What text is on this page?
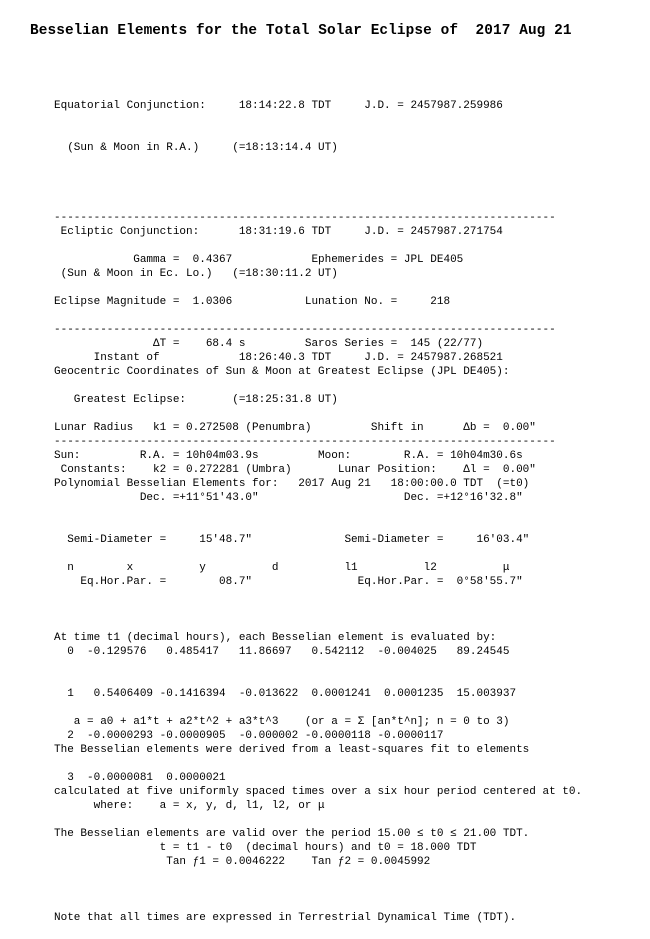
Besselian Elements for the Total Solar Eclipse of  2017 Aug 21

Equatorial Conjunction:     18:14:22.8 TDT     J.D. = 2457987.259986

(Sun & Moon in R.A.)     (=18:13:14.4 UT)

Ecliptic Conjunction:      18:31:19.6 TDT     J.D. = 2457987.271754

(Sun & Moon in Ec. Lo.)   (=18:30:11.2 UT)

Instant of            18:26:40.3 TDT     J.D. = 2457987.268521

Greatest Eclipse:       (=18:25:31.8 UT)

----------------------------------------------------------------------------

Gamma =  0.4367            Ephemerides = JPL DE405

Eclipse Magnitude =  1.0306           Lunation No. =     218

ΔT =    68.4 s         Saros Series =  145 (22/77)

Lunar Radius   k1 = 0.272508 (Penumbra)         Shift in      Δb =  0.00"

Constants:    k2 = 0.272281 (Umbra)       Lunar Position:    Δl =  0.00"

----------------------------------------------------------------------------

Geocentric Coordinates of Sun & Moon at Greatest Eclipse (JPL DE405):

Sun:         R.A. = 10h04m03.9s         Moon:        R.A. = 10h04m30.6s

Dec. =+11°51'43.0"                      Dec. =+12°16'32.8"

Semi-Diameter =     15'48.7"              Semi-Diameter =     16'03.4"

Eq.Hor.Par. =        08.7"                Eq.Hor.Par. =  0°58'55.7"

----------------------------------------------------------------------------

Polynomial Besselian Elements for:   2017 Aug 21   18:00:00.0 TDT  (=t0)

n        x          y          d          l1          l2          μ

0  -0.129576   0.485417   11.86697   0.542112  -0.004025   89.24545

1   0.5406409 -0.1416394  -0.013622  0.0001241  0.0001235  15.003937

2  -0.0000293 -0.0000905  -0.000002 -0.0000118 -0.0000117

3  -0.0000081  0.0000021

Tan ƒ1 = 0.0046222    Tan ƒ2 = 0.0045992

At time t1 (decimal hours), each Besselian element is evaluated by:

a = a0 + a1*t + a2*t^2 + a3*t^3    (or a = Σ [an*t^n]; n = 0 to 3)

where:    a = x, y, d, l1, l2, or μ

t = t1 - t0  (decimal hours) and t0 = 18.000 TDT

The Besselian elements were derived from a least-squares fit to elements

calculated at five uniformly spaced times over a six hour period centered at t0.

The Besselian elements are valid over the period 15.00 ≤ t0 ≤ 21.00 TDT.

Note that all times are expressed in Terrestrial Dynamical Time (TDT).
